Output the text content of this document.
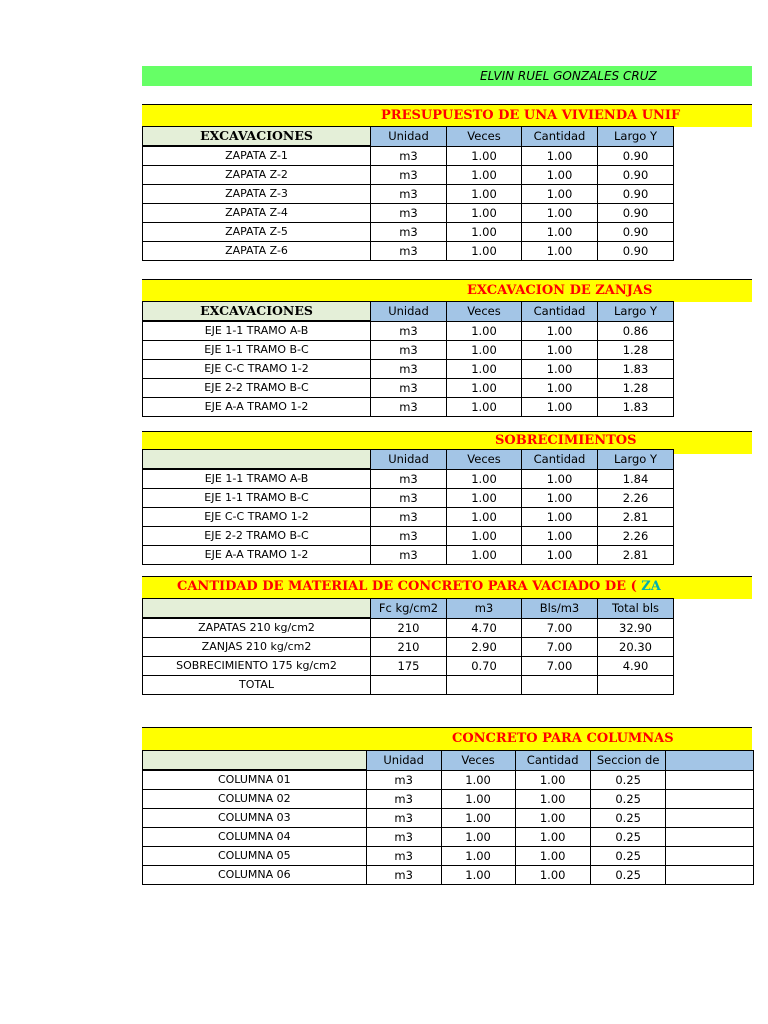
ELVIN RUEL GONZALES CRUZ
PRESUPUESTO DE UNA VIVIENDA UNIF
EXCAVACIONES	Unidad	Veces	Cantidad	Largo Y
ZAPATA Z-1	m3	1.00	1.00	0.90
ZAPATA Z-2	m3	1.00	1.00	0.90
ZAPATA Z-3	m3	1.00	1.00	0.90
ZAPATA Z-4	m3	1.00	1.00	0.90
ZAPATA Z-5	m3	1.00	1.00	0.90
ZAPATA Z-6	m3	1.00	1.00	0.90
EXCAVACION DE ZANJAS
EXCAVACIONES	Unidad	Veces	Cantidad	Largo Y
EJE 1-1 TRAMO A-B	m3	1.00	1.00	0.86
EJE 1-1 TRAMO B-C	m3	1.00	1.00	1.28
EJE C-C TRAMO 1-2	m3	1.00	1.00	1.83
EJE 2-2 TRAMO B-C	m3	1.00	1.00	1.28
EJE A-A TRAMO 1-2	m3	1.00	1.00	1.83
SOBRECIMIENTOS
	Unidad	Veces	Cantidad	Largo Y
EJE 1-1 TRAMO A-B	m3	1.00	1.00	1.84
EJE 1-1 TRAMO B-C	m3	1.00	1.00	2.26
EJE C-C TRAMO 1-2	m3	1.00	1.00	2.81
EJE 2-2 TRAMO B-C	m3	1.00	1.00	2.26
EJE A-A TRAMO 1-2	m3	1.00	1.00	2.81
CANTIDAD DE MATERIAL DE CONCRETO PARA VACIADO DE ( ZA
	Fc kg/cm2	m3	Bls/m3	Total bls
ZAPATAS 210 kg/cm2	210	4.70	7.00	32.90
ZANJAS 210 kg/cm2	210	2.90	7.00	20.30
SOBRECIMIENTO 175 kg/cm2	175	0.70	7.00	4.90
TOTAL				
CONCRETO PARA COLUMNAS
	Unidad	Veces	Cantidad	Seccion de	
COLUMNA 01	m3	1.00	1.00	0.25	
COLUMNA 02	m3	1.00	1.00	0.25	
COLUMNA 03	m3	1.00	1.00	0.25	
COLUMNA 04	m3	1.00	1.00	0.25	
COLUMNA 05	m3	1.00	1.00	0.25	
COLUMNA 06	m3	1.00	1.00	0.25	
